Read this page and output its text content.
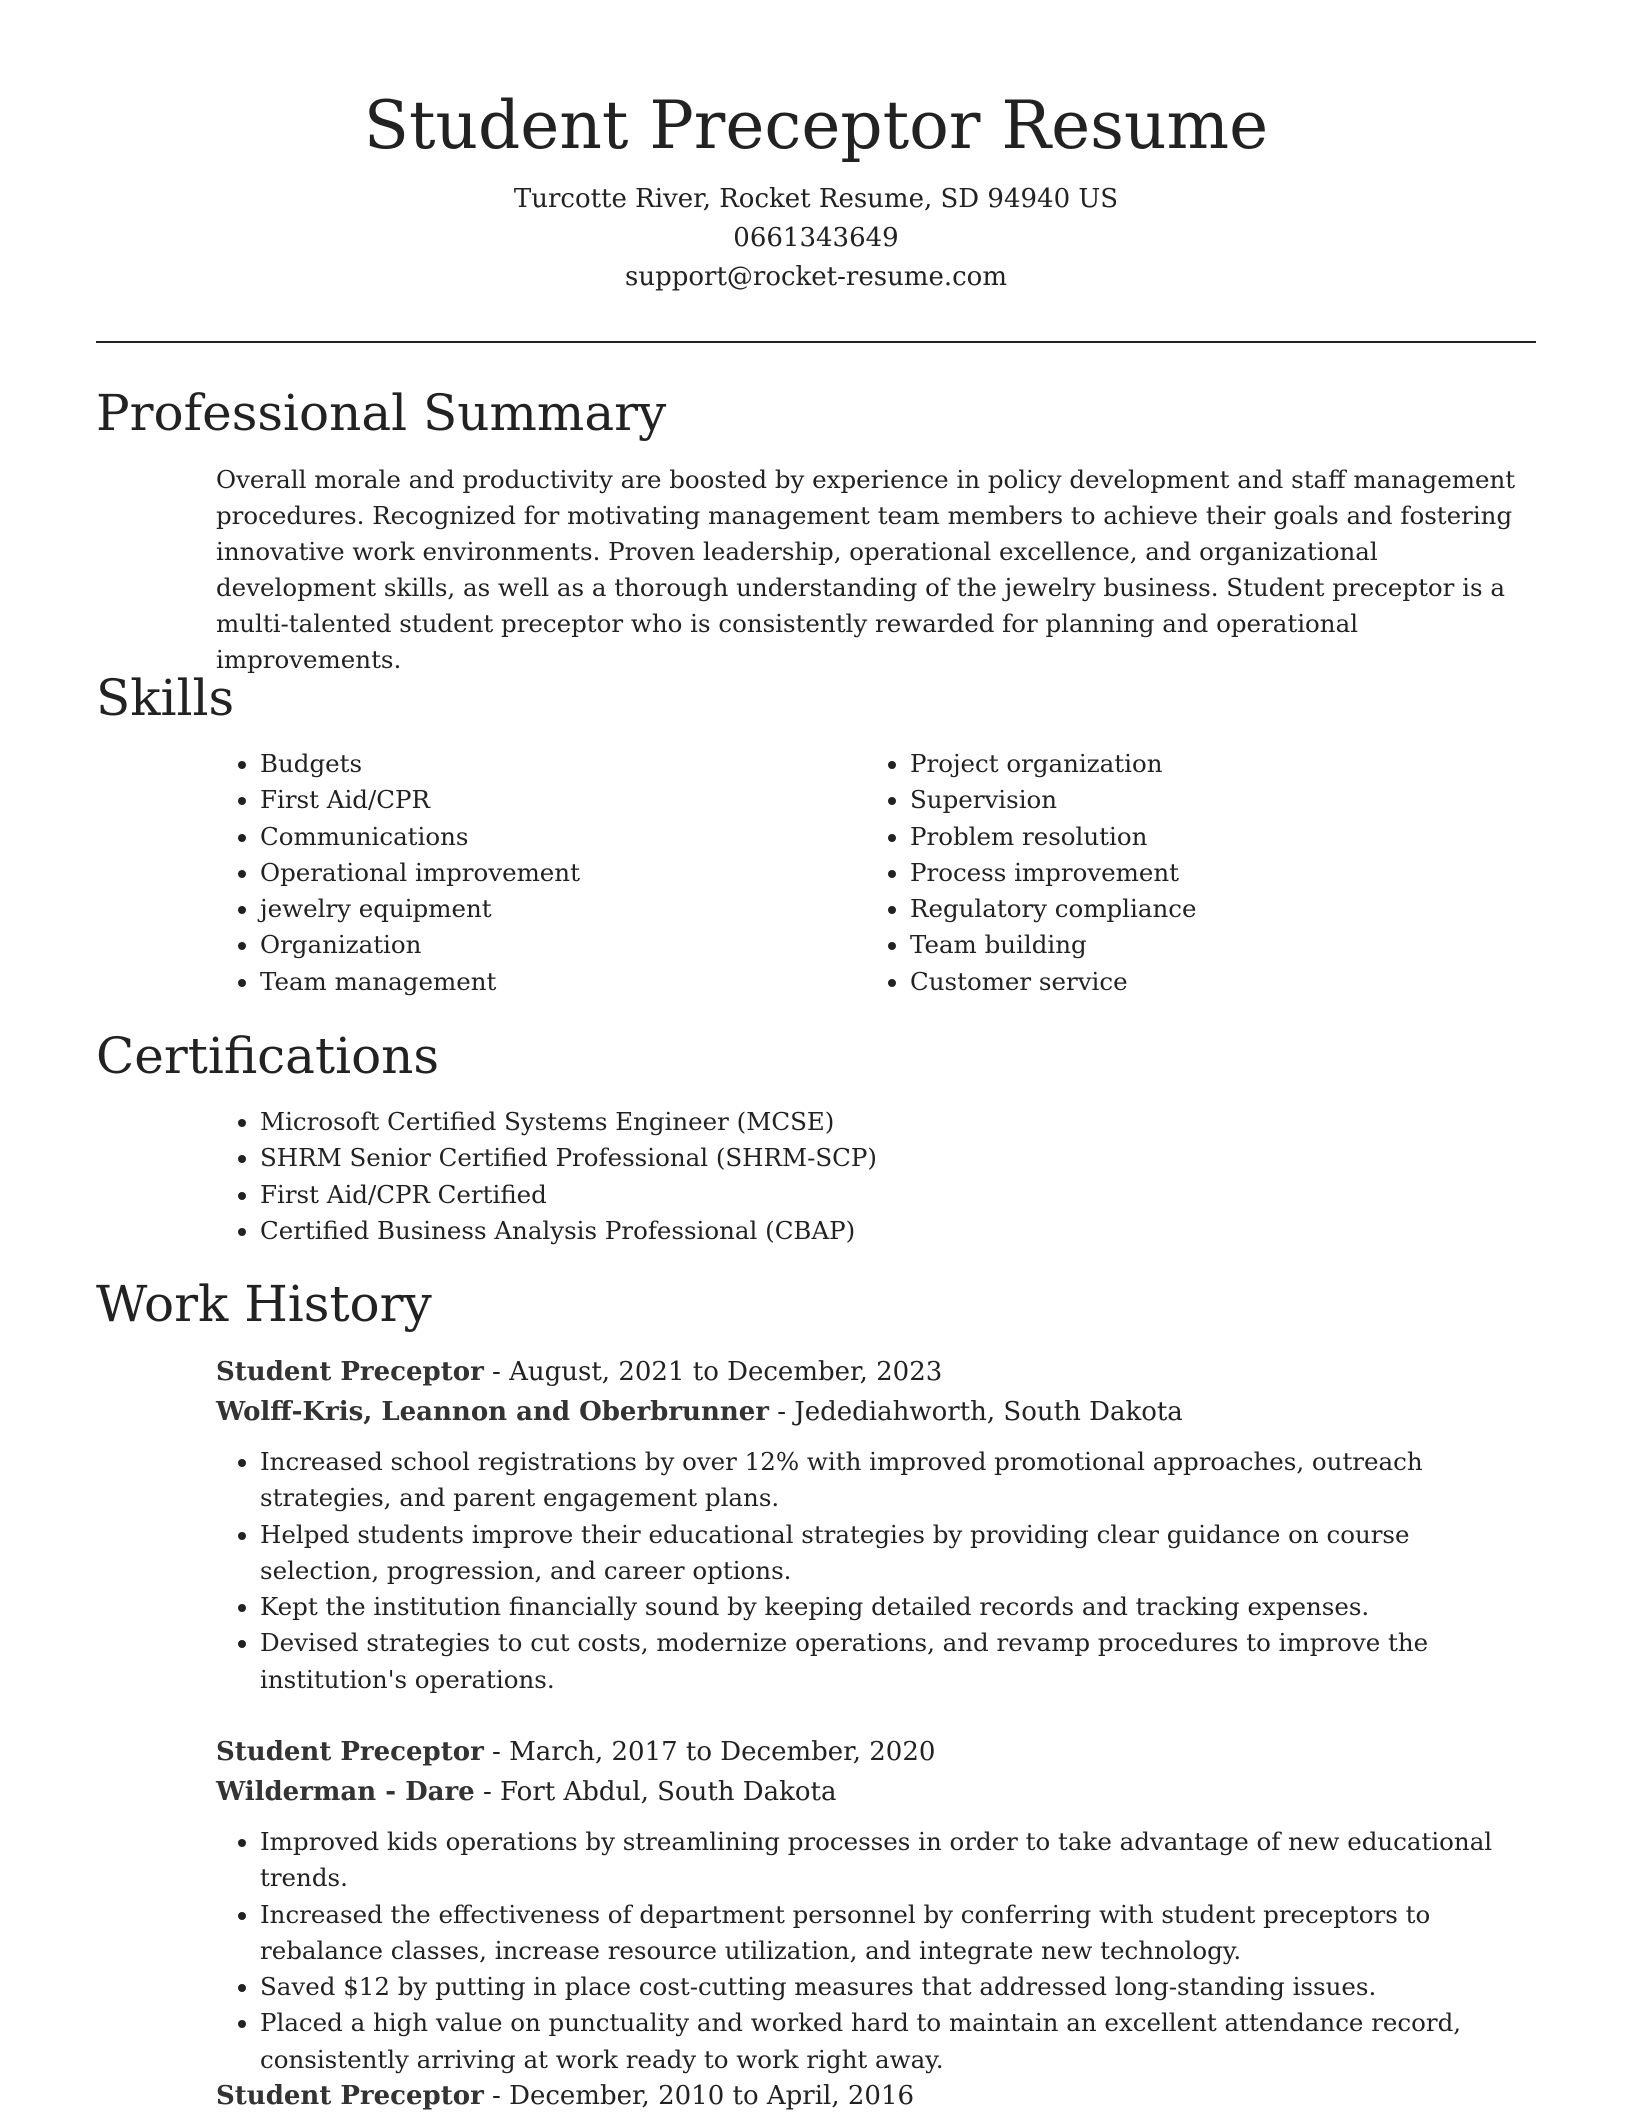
Student Preceptor Resume
Turcotte River, Rocket Resume, SD 94940 US
0661343649
support@rocket-resume.com
Professional Summary

Overall morale and productivity are boosted by experience in policy development and staff management procedures. Recognized for motivating management team members to achieve their goals and fostering innovative work environments. Proven leadership, operational excellence, and organizational development skills, as well as a thorough understanding of the jewelry business. Student preceptor is a multi-talented student preceptor who is consistently rewarded for planning and operational improvements.

Skills
• Budgets
• First Aid/CPR
• Communications
• Operational improvement
• jewelry equipment
• Organization
• Team management
• Project organization
• Supervision
• Problem resolution
• Process improvement
• Regulatory compliance
• Team building
• Customer service
Certifications
• Microsoft Certified Systems Engineer (MCSE)
• SHRM Senior Certified Professional (SHRM-SCP)
• First Aid/CPR Certified
• Certified Business Analysis Professional (CBAP)
Work History

Student Preceptor - August, 2021 to December, 2023

Wolff-Kris, Leannon and Oberbrunner - Jedediahworth, South Dakota

• Increased school registrations by over 12% with improved promotional approaches, outreach strategies, and parent engagement plans.
• Helped students improve their educational strategies by providing clear guidance on course selection, progression, and career options.
• Kept the institution financially sound by keeping detailed records and tracking expenses.
• Devised strategies to cut costs, modernize operations, and revamp procedures to improve the institution's operations.

Student Preceptor - March, 2017 to December, 2020

Wilderman - Dare - Fort Abdul, South Dakota

• Improved kids operations by streamlining processes in order to take advantage of new educational trends.
• Increased the effectiveness of department personnel by conferring with student preceptors to rebalance classes, increase resource utilization, and integrate new technology.
• Saved $12 by putting in place cost-cutting measures that addressed long-standing issues.
• Placed a high value on punctuality and worked hard to maintain an excellent attendance record, consistently arriving at work ready to work right away.

Student Preceptor - December, 2010 to April, 2016
